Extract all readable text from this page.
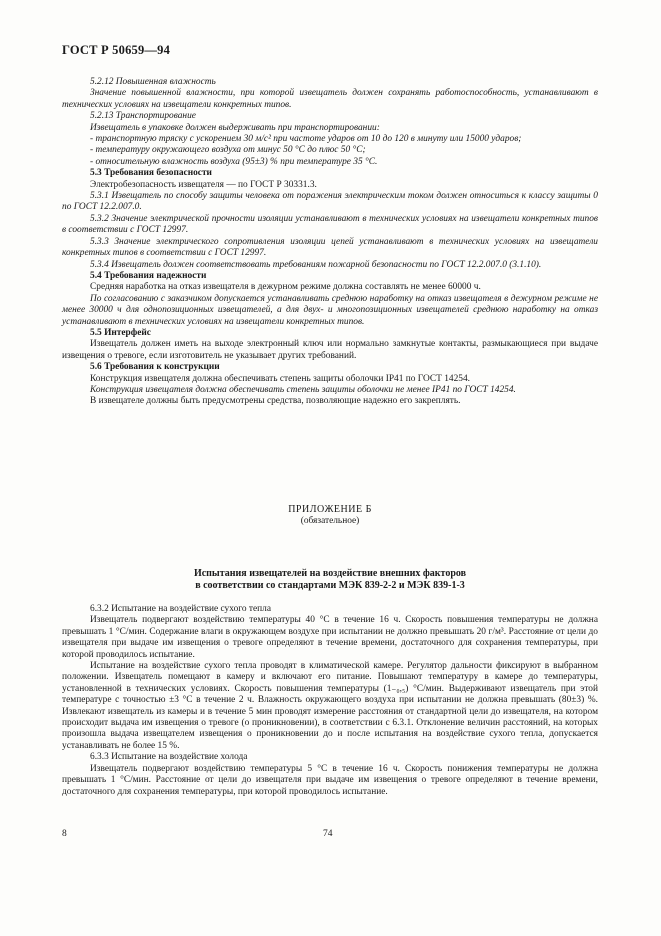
ГОСТ Р 50659—94

5.2.12 Повышенная влажность

Значение повышенной влажности, при которой извещатель должен сохранять работоспособность, устанавливают в технических условиях на извещатели конкретных типов.

5.2.13 Транспортирование

Извещатель в упаковке должен выдерживать при транспортировании:

- транспортную тряску с ускорением 30 м/с² при частоте ударов от 10 до 120 в минуту или 15000 ударов;

- температуру окружающего воздуха от минус 50 °С до плюс 50 °С;

- относительную влажность воздуха (95±3) % при температуре 35 °С.

5.3 Требования безопасности

Электробезопасность извещателя — по ГОСТ Р 30331.3.

5.3.1 Извещатель по способу защиты человека от поражения электрическим током должен относиться к классу защиты 0 по ГОСТ 12.2.007.0.

5.3.2 Значение электрической прочности изоляции устанавливают в технических условиях на извещатели конкретных типов в соответствии с ГОСТ 12997.

5.3.3 Значение электрического сопротивления изоляции цепей устанавливают в технических условиях на извещатели конкретных типов в соответствии с ГОСТ 12997.

5.3.4 Извещатель должен соответствовать требованиям пожарной безопасности по ГОСТ 12.2.007.0 (3.1.10).

5.4 Требования надежности

Средняя наработка на отказ извещателя в дежурном режиме должна составлять не менее 60000 ч.

По согласованию с заказчиком допускается устанавливать среднюю наработку на отказ извещателя в дежурном режиме не менее 30000 ч для однопозиционных извещателей, а для двух- и многопозиционных извещателей среднюю наработку на отказ устанавливают в технических условиях на извещатели конкретных типов.

5.5 Интерфейс

Извещатель должен иметь на выходе электронный ключ или нормально замкнутые контакты, размыкающиеся при выдаче извещения о тревоге, если изготовитель не указывает других требований.

5.6 Требования к конструкции

Конструкция извещателя должна обеспечивать степень защиты оболочки IP41 по ГОСТ 14254.

Конструкция извещателя должна обеспечивать степень защиты оболочки не менее IP41 по ГОСТ 14254.

В извещателе должны быть предусмотрены средства, позволяющие надежно его закреплять.

ПРИЛОЖЕНИЕ Б
(обязательное)
Испытания извещателей на воздействие внешних факторов
в соответствии со стандартами МЭК 839-2-2 и МЭК 839-1-3

6.3.2 Испытание на воздействие сухого тепла

Извещатель подвергают воздействию температуры 40 °С в течение 16 ч. Скорость повышения температуры не должна превышать 1 °С/мин. Содержание влаги в окружающем воздухе при испытании не должно превышать 20 г/м³. Расстояние от цели до извещателя при выдаче им извещения о тревоге определяют в течение времени, достаточного для сохранения температуры, при которой проводилось испытание.

Испытание на воздействие сухого тепла проводят в климатической камере. Регулятор дальности фиксируют в выбранном положении. Извещатель помещают в камеру и включают его питание. Повышают температуру в камере до температуры, установленной в технических условиях. Скорость повышения температуры (1₋₀,₅) °С/мин. Выдерживают извещатель при этой температуре с точностью ±3 °С в течение 2 ч. Влажность окружающего воздуха при испытании не должна превышать (80±3) %. Извлекают извещатель из камеры и в течение 5 мин проводят измерение расстояния от стандартной цели до извещателя, на котором происходит выдача им извещения о тревоге (о проникновении), в соответствии с 6.3.1. Отклонение величин расстояний, на которых произошла выдача извещателем извещения о проникновении до и после испытания на воздействие сухого тепла, допускается устанавливать не более 15 %.

6.3.3 Испытание на воздействие холода

Извещатель подвергают воздействию температуры 5 °С в течение 16 ч. Скорость понижения температуры не должна превышать 1 °С/мин. Расстояние от цели до извещателя при выдаче им извещения о тревоге определяют в течение времени, достаточного для сохранения температуры, при которой проводилось испытание.

8	74
